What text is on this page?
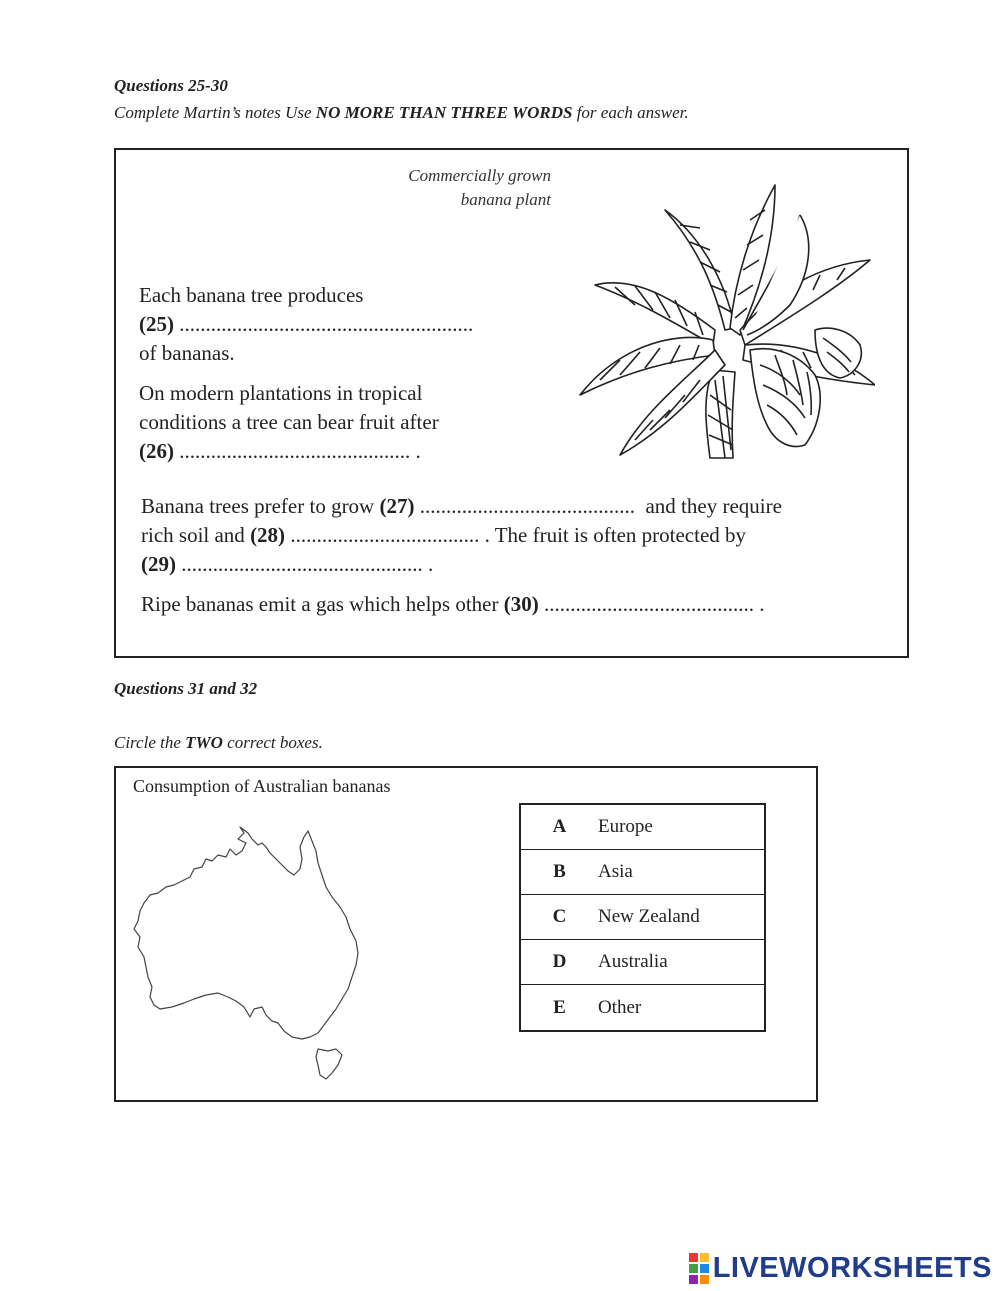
Questions 25-30
Complete Martin’s notes Use NO MORE THAN THREE WORDS for each answer.
Commercially grown
banana plant
Each banana tree produces
(25) ........................................................
of bananas.
On modern plantations in tropical
conditions a tree can bear fruit after
(26) ............................................ .
Banana trees prefer to grow (27) .........................................  and they require
rich soil and (28) .................................... . The fruit is often protected by
(29) .............................................. .
Ripe bananas emit a gas which helps other (30) ........................................ .
Questions 31 and 32
Circle the TWO correct boxes.
Consumption of Australian bananas
A	Europe
B	Asia
C	New Zealand
D	Australia
E	Other
LIVEWORKSHEETS
